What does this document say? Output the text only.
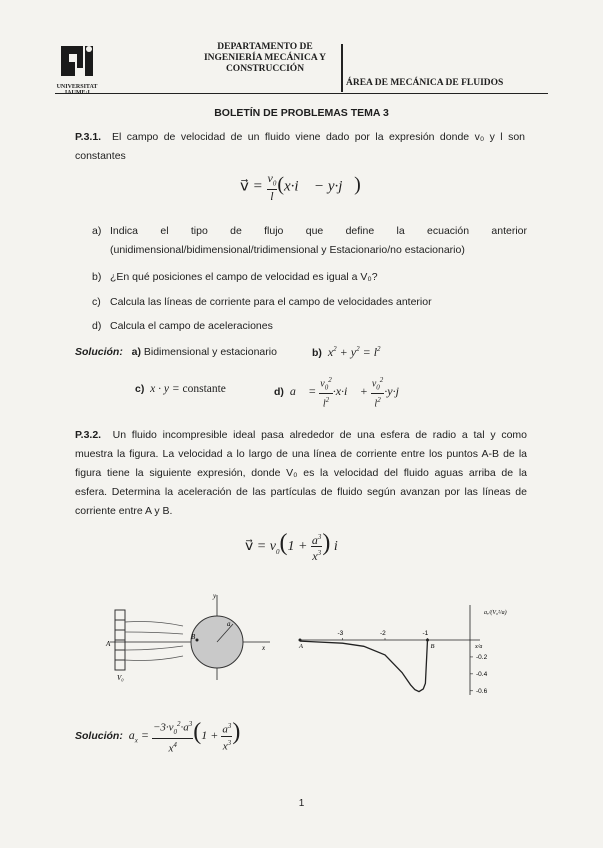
UNIVERSITAT
DEPARTAMENTO DE
INGENIERÍA MECÁNICA Y
CONSTRUCCIÓN
ÁREA DE MECÁNICA DE FLUIDOS
BOLETÍN DE PROBLEMAS TEMA 3
P.3.1. El campo de velocidad de un fluido viene dado por la expresión donde v₀ y l son
constantes
v⃗ = $\frac{v_0}{l}$ (x·i⃗ − y·j⃗)
a) Indica el tipo de flujo que define la ecuación anterior
(unidimensional/bidimensional/tridimensional y Estacionario/no estacionario)
b) ¿En qué posiciones el campo de velocidad es igual a V₀?
c) Calcula las líneas de corriente para el campo de velocidades anterior
d) Calcula el campo de aceleraciones
Solución: a) Bidimensional y estacionario	b)  $x^2 + y^2 = l^2$
c)  x · y = constante	d)  a⃗ = $\frac{v_0^2}{l^2}$ ·x·i⃗ + $\frac{v_0^2}{l^2}$ ·y·j⃗
P.3.2. Un fluido incompresible ideal pasa alrededor de una esfera de radio a tal y como
muestra la figura. La velocidad a lo largo de una línea de corriente entre los puntos A-B de la
figura tiene la siguiente expresión, donde V₀ es la velocidad del fluido aguas arriba de la
esfera. Determina la aceleración de las partículas de fluido según avanzan por las líneas de
corriente entre A y B.
v⃗ = $v_0(1 + \frac{a^3}{x^3}$ ) i⃗
A
B
a
x
y
V₀
-3	-2	-1
-0.2
-0.4
-0.6
x/a
aₓ/(V₀²/a)
A	B
Solución:  $a_x = \frac{-3\cdot v_0^2\cdot a^3}{x^4} (1 + \frac{a^3}{x^3}$ )
1
